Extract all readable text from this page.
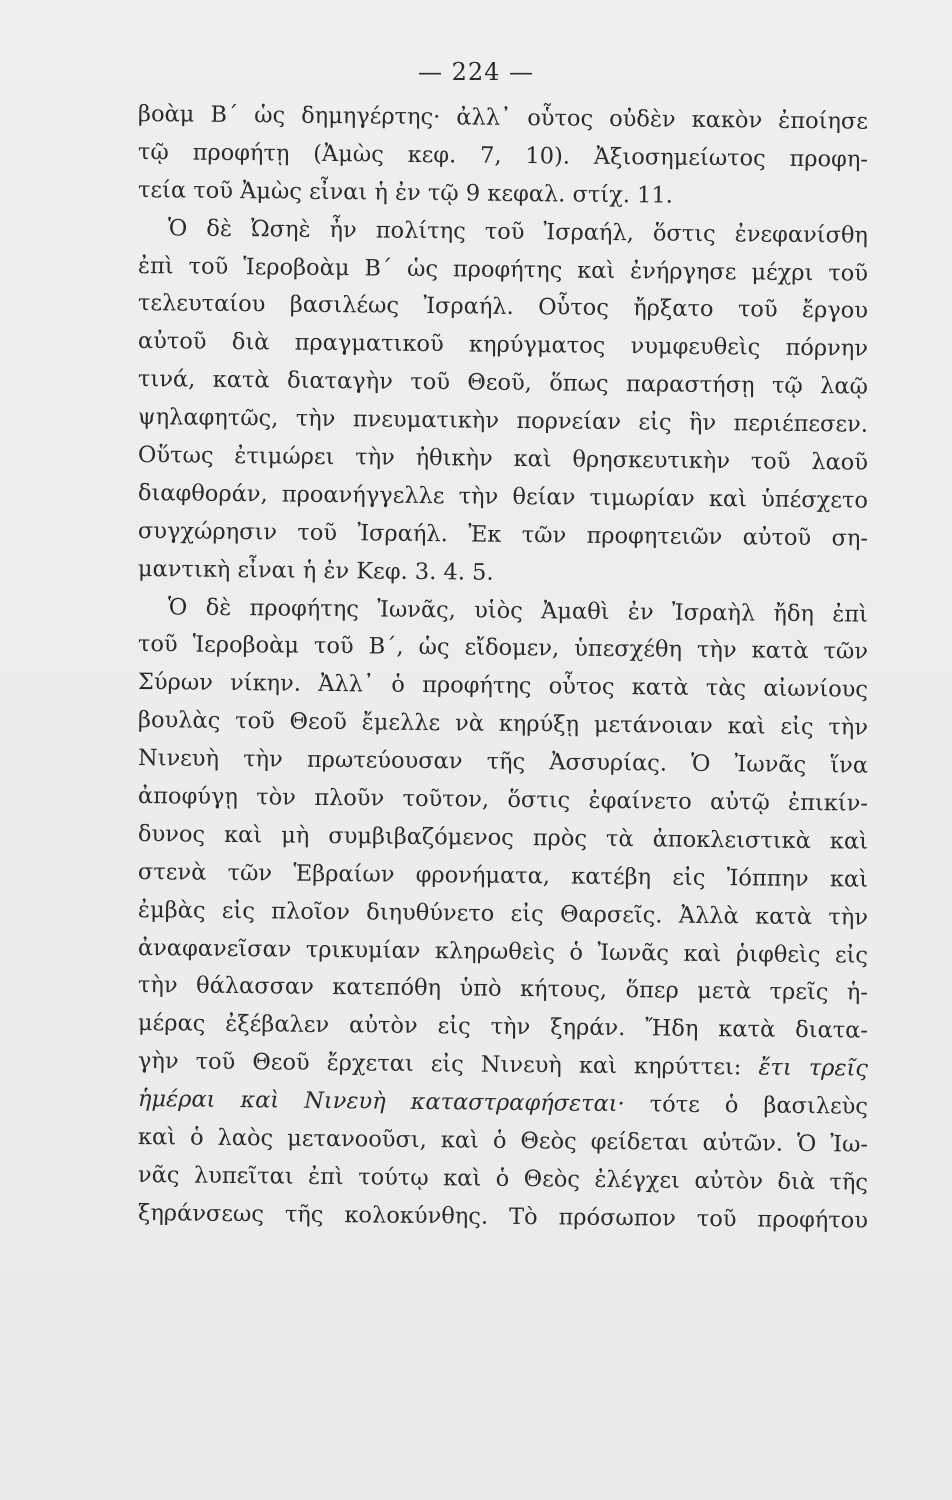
— 224 —
βοὰμ Β΄ ὡς δημηγέρτης· ἀλλ᾽ οὗτος οὐδὲν κακὸν ἐποίησε
τῷ προφήτῃ (Ἀμὼς κεφ. 7, 10). Ἀξιοσημείωτος προφη-
τεία τοῦ Ἀμὼς εἶναι ἡ ἐν τῷ 9 κεφαλ. στίχ. 11.
Ὁ δὲ Ὠσηὲ ἦν πολίτης τοῦ Ἰσραήλ, ὅστις ἐνεφανίσθη
ἐπὶ τοῦ Ἱεροβοὰμ Β΄ ὡς προφήτης καὶ ἐνήργησε μέχρι τοῦ
τελευταίου βασιλέως Ἰσραήλ. Οὗτος ἤρξατο τοῦ ἔργου
αὐτοῦ διὰ πραγματικοῦ κηρύγματος νυμφευθεὶς πόρνην
τινά, κατὰ διαταγὴν τοῦ Θεοῦ, ὅπως παραστήσῃ τῷ λαῷ
ψηλαφητῶς, τὴν πνευματικὴν πορνείαν εἰς ἣν περιέπεσεν.
Οὕτως ἐτιμώρει τὴν ἠθικὴν καὶ θρησκευτικὴν τοῦ λαοῦ
διαφθοράν, προανήγγελλε τὴν θείαν τιμωρίαν καὶ ὑπέσχετο
συγχώρησιν τοῦ Ἰσραήλ. Ἐκ τῶν προφητειῶν αὐτοῦ ση-
μαντικὴ εἶναι ἡ ἐν Κεφ. 3. 4. 5.
Ὁ δὲ προφήτης Ἰωνᾶς, υἱὸς Ἀμαθὶ ἐν Ἰσραὴλ ἤδη ἐπὶ
τοῦ Ἱεροβοὰμ τοῦ Β΄, ὡς εἴδομεν, ὑπεσχέθη τὴν κατὰ τῶν
Σύρων νίκην. Ἀλλ᾽ ὁ προφήτης οὗτος κατὰ τὰς αἰωνίους
βουλὰς τοῦ Θεοῦ ἔμελλε νὰ κηρύξῃ μετάνοιαν καὶ εἰς τὴν
Νινευὴ τὴν πρωτεύουσαν τῆς Ἀσσυρίας. Ὁ Ἰωνᾶς ἵνα
ἀποφύγῃ τὸν πλοῦν τοῦτον, ὅστις ἐφαίνετο αὐτῷ ἐπικίν-
δυνος καὶ μὴ συμβιβαζόμενος πρὸς τὰ ἀποκλειστικὰ καὶ
στενὰ τῶν Ἑβραίων φρονήματα, κατέβη εἰς Ἰόππην καὶ
ἐμβὰς εἰς πλοῖον διηυθύνετο εἰς Θαρσεῖς. Ἀλλὰ κατὰ τὴν
ἀναφανεῖσαν τρικυμίαν κληρωθεὶς ὁ Ἰωνᾶς καὶ ῥιφθεὶς εἰς
τὴν θάλασσαν κατεπόθη ὑπὸ κήτους, ὅπερ μετὰ τρεῖς ἡ-
μέρας ἐξέβαλεν αὐτὸν εἰς τὴν ξηράν. Ἤδη κατὰ διατα-
γὴν τοῦ Θεοῦ ἔρχεται εἰς Νινευὴ καὶ κηρύττει: ἔτι τρεῖς
ἡμέραι καὶ Νινευὴ καταστραφήσεται· τότε ὁ βασιλεὺς
καὶ ὁ λαὸς μετανοοῦσι, καὶ ὁ Θεὸς φείδεται αὐτῶν. Ὁ Ἰω-
νᾶς λυπεῖται ἐπὶ τούτῳ καὶ ὁ Θεὸς ἐλέγχει αὐτὸν διὰ τῆς
ξηράνσεως τῆς κολοκύνθης. Τὸ πρόσωπον τοῦ προφήτου
